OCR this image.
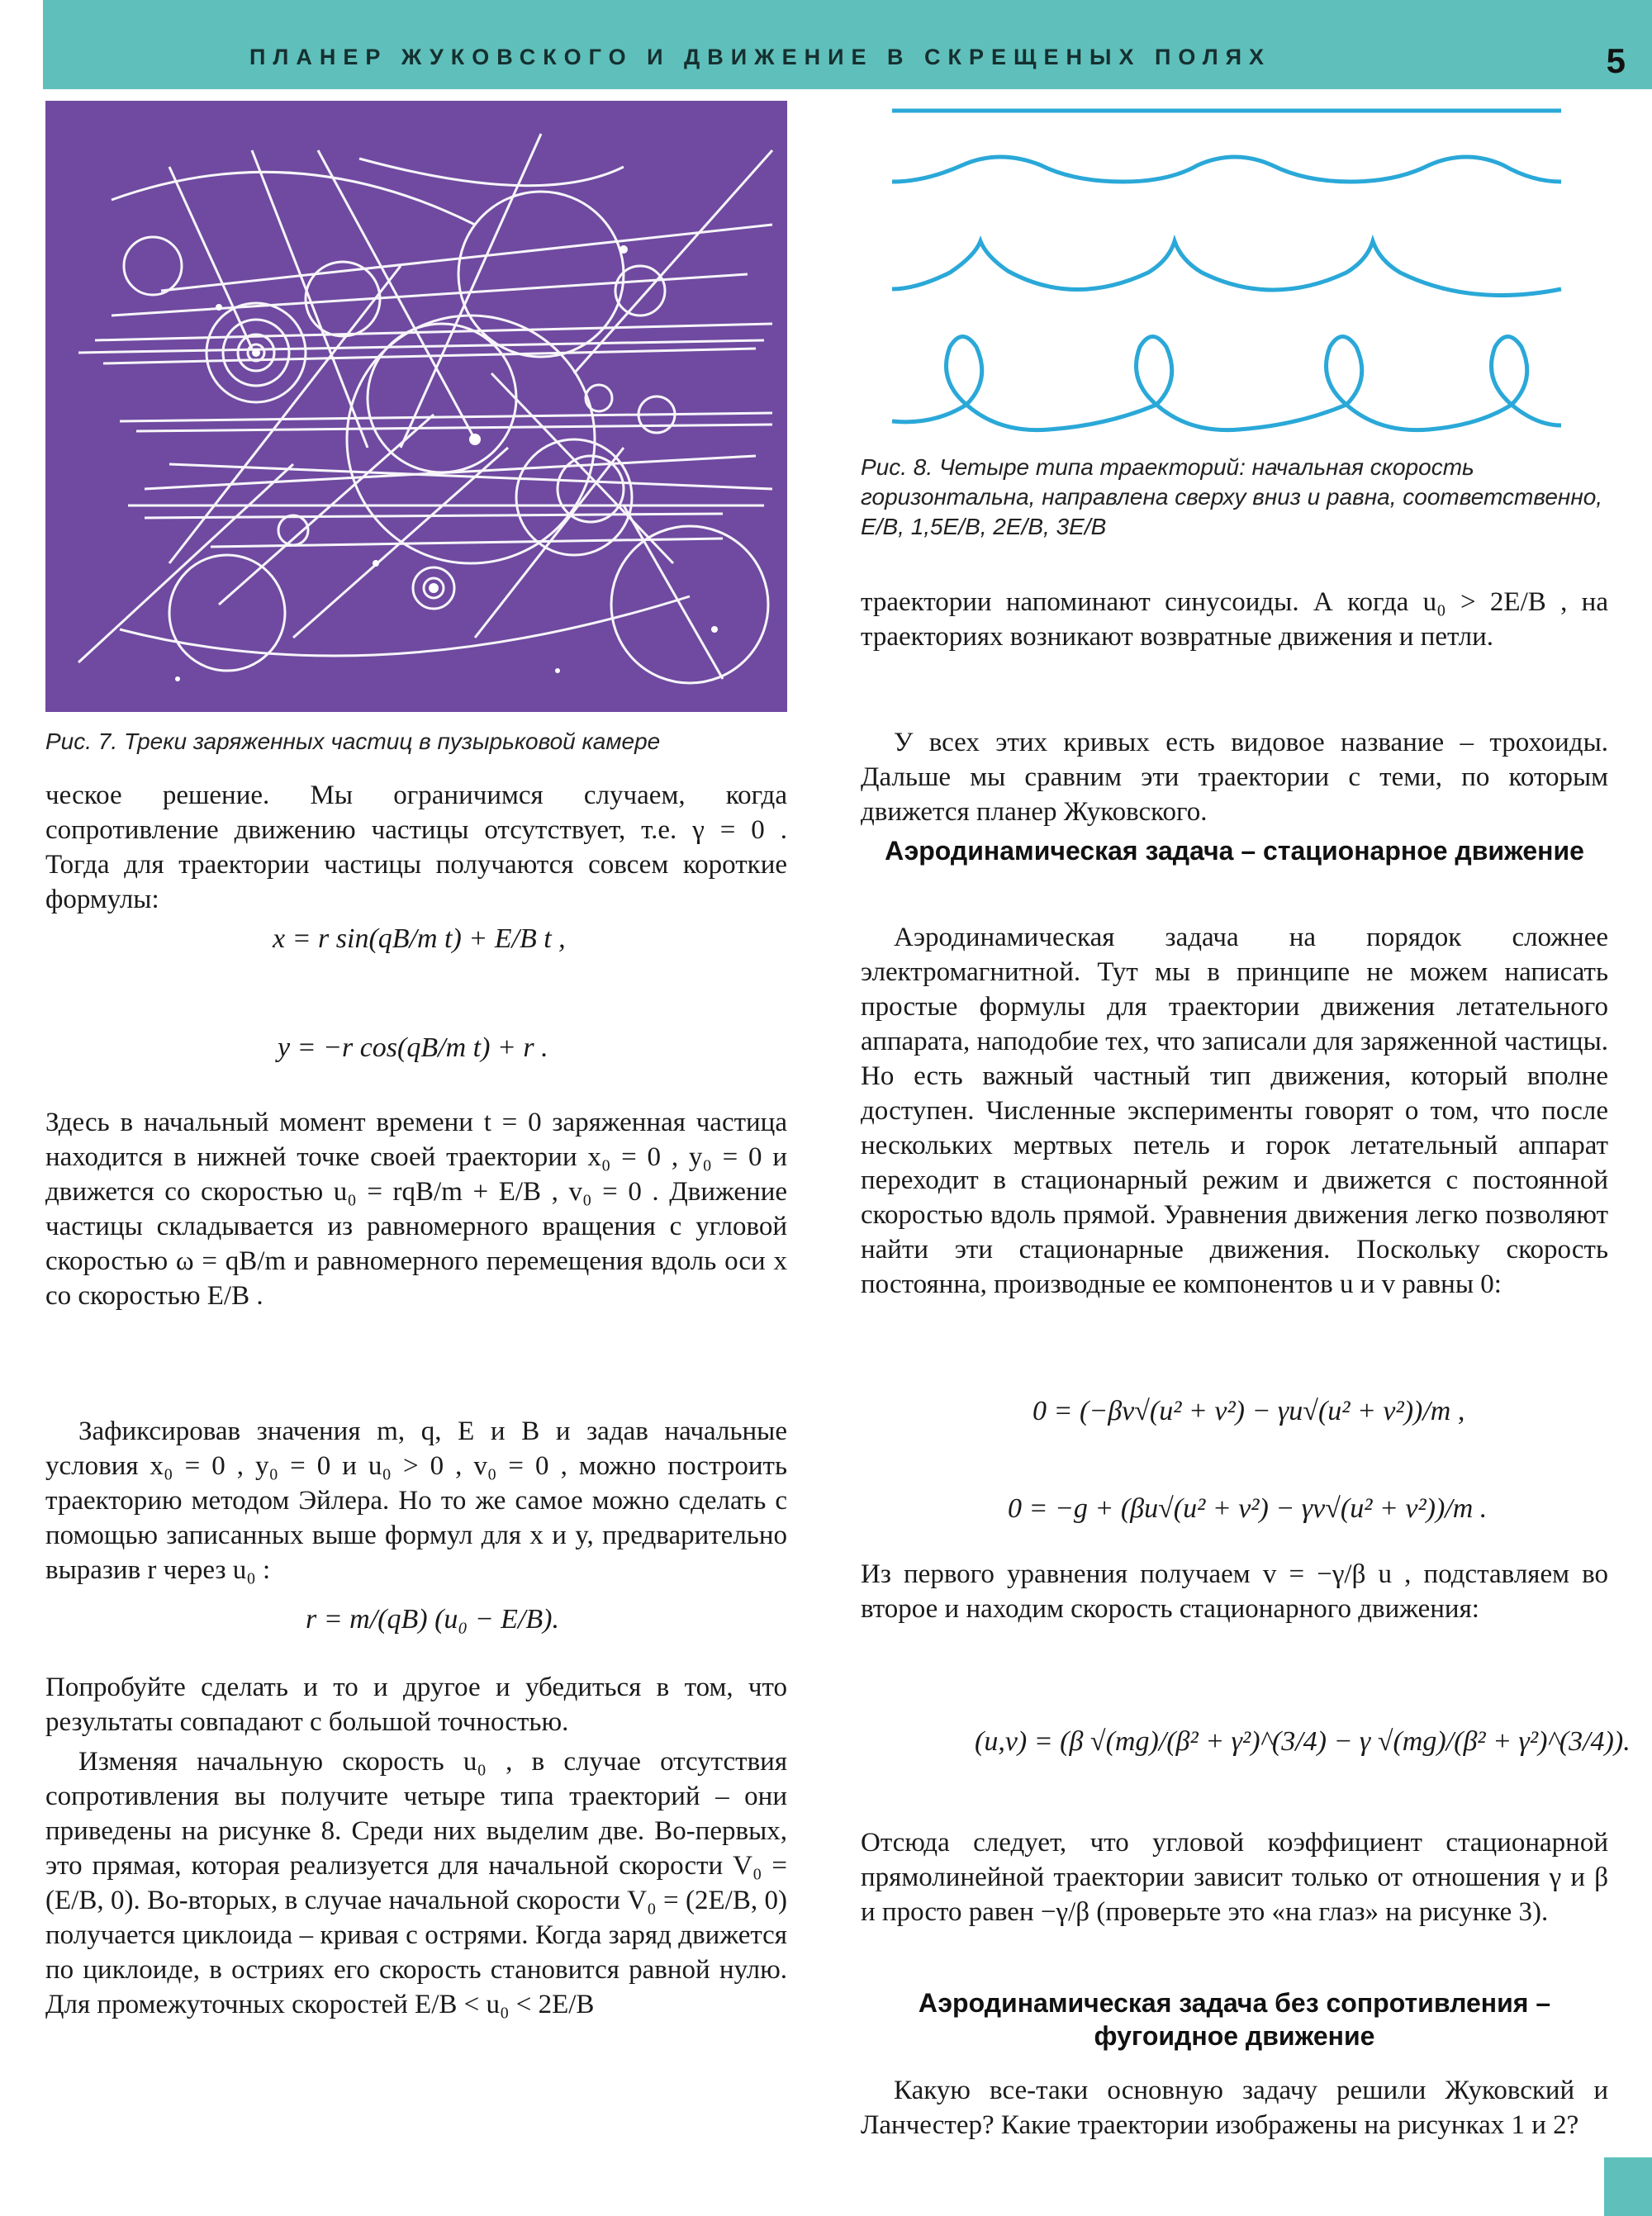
ПЛАНЕР ЖУКОВСКОГО И ДВИЖЕНИЕ В СКРЕЩЕНЫХ ПОЛЯХ	5
Рис. 7. Треки заряженных частиц в пузырьковой камере
Рис. 8. Четыре типа траекторий: начальная скорость горизонтальна, направлена сверху вниз и равна, соответственно, E/B, 1,5E/B, 2E/B, 3E/B

ческое решение. Мы ограничимся случаем, когда сопротивление движению частицы отсутствует, т.е. γ = 0 . Тогда для траектории частицы получаются совсем короткие формулы:

x = r sin(qB/m t) + E/B t ,
y = −r cos(qB/m t) + r .

Здесь в начальный момент времени t = 0 заряженная частица находится в нижней точке своей траектории x₀ = 0 , y₀ = 0 и движется со скоростью u₀ = rqB/m + E/B , v₀ = 0 . Движение частицы складывается из равномерного вращения с угловой скоростью ω = qB/m и равномерного перемещения вдоль оси x со скоростью E/B .

Зафиксировав значения m, q, E и B и задав начальные условия x₀ = 0 , y₀ = 0 и u₀ > 0 , v₀ = 0 , можно построить траекторию методом Эйлера. Но то же самое можно сделать с помощью записанных выше формул для x и y, предварительно выразив r через u₀ :

r = m/(qB) (u₀ − E/B).

Попробуйте сделать и то и другое и убедиться в том, что результаты совпадают с большой точностью.

Изменяя начальную скорость u₀ , в случае отсутствия сопротивления вы получите четыре типа траекторий – они приведены на рисунке 8. Среди них выделим две. Во-первых, это прямая, которая реализуется для начальной скорости V₀ = (E/B, 0). Во-вторых, в случае начальной скорости V₀ = (2E/B, 0) получается циклоида – кривая с острями. Когда заряд движется по циклоиде, в остриях его скорость становится равной нулю. Для промежуточных скоростей E/B < u₀ < 2E/B

траектории напоминают синусоиды. А когда u₀ > 2E/B , на траекториях возникают возвратные движения и петли.

У всех этих кривых есть видовое название – трохоиды. Дальше мы сравним эти траектории с теми, по которым движется планер Жуковского.

Аэродинамическая задача – стационарное движение

Аэродинамическая задача на порядок сложнее электромагнитной. Тут мы в принципе не можем написать простые формулы для траектории движения летательного аппарата, наподобие тех, что записали для заряженной частицы. Но есть важный частный тип движения, который вполне доступен. Численные эксперименты говорят о том, что после нескольких мертвых петель и горок летательный аппарат переходит в стационарный режим и движется с постоянной скоростью вдоль прямой. Уравнения движения легко позволяют найти эти стационарные движения. Поскольку скорость постоянна, производные ее компонентов u и v равны 0:

0 = (−βv√(u² + v²) − γu√(u² + v²))/m ,
0 = −g + (βu√(u² + v²) − γv√(u² + v²))/m .

Из первого уравнения получаем v = −γ/β u , подставляем во второе и находим скорость стационарного движения:

(u,v) = (β √(mg)/(β² + γ²)^(3/4) − γ √(mg)/(β² + γ²)^(3/4)).

Отсюда следует, что угловой коэффициент стационарной прямолинейной траектории зависит только от отношения γ и β и просто равен −γ/β (проверьте это «на глаз» на рисунке 3).

Аэродинамическая задача без сопротивления – фугоидное движение

Какую все-таки основную задачу решили Жуковский и Ланчестер? Какие траектории изображены на рисунках 1 и 2?
